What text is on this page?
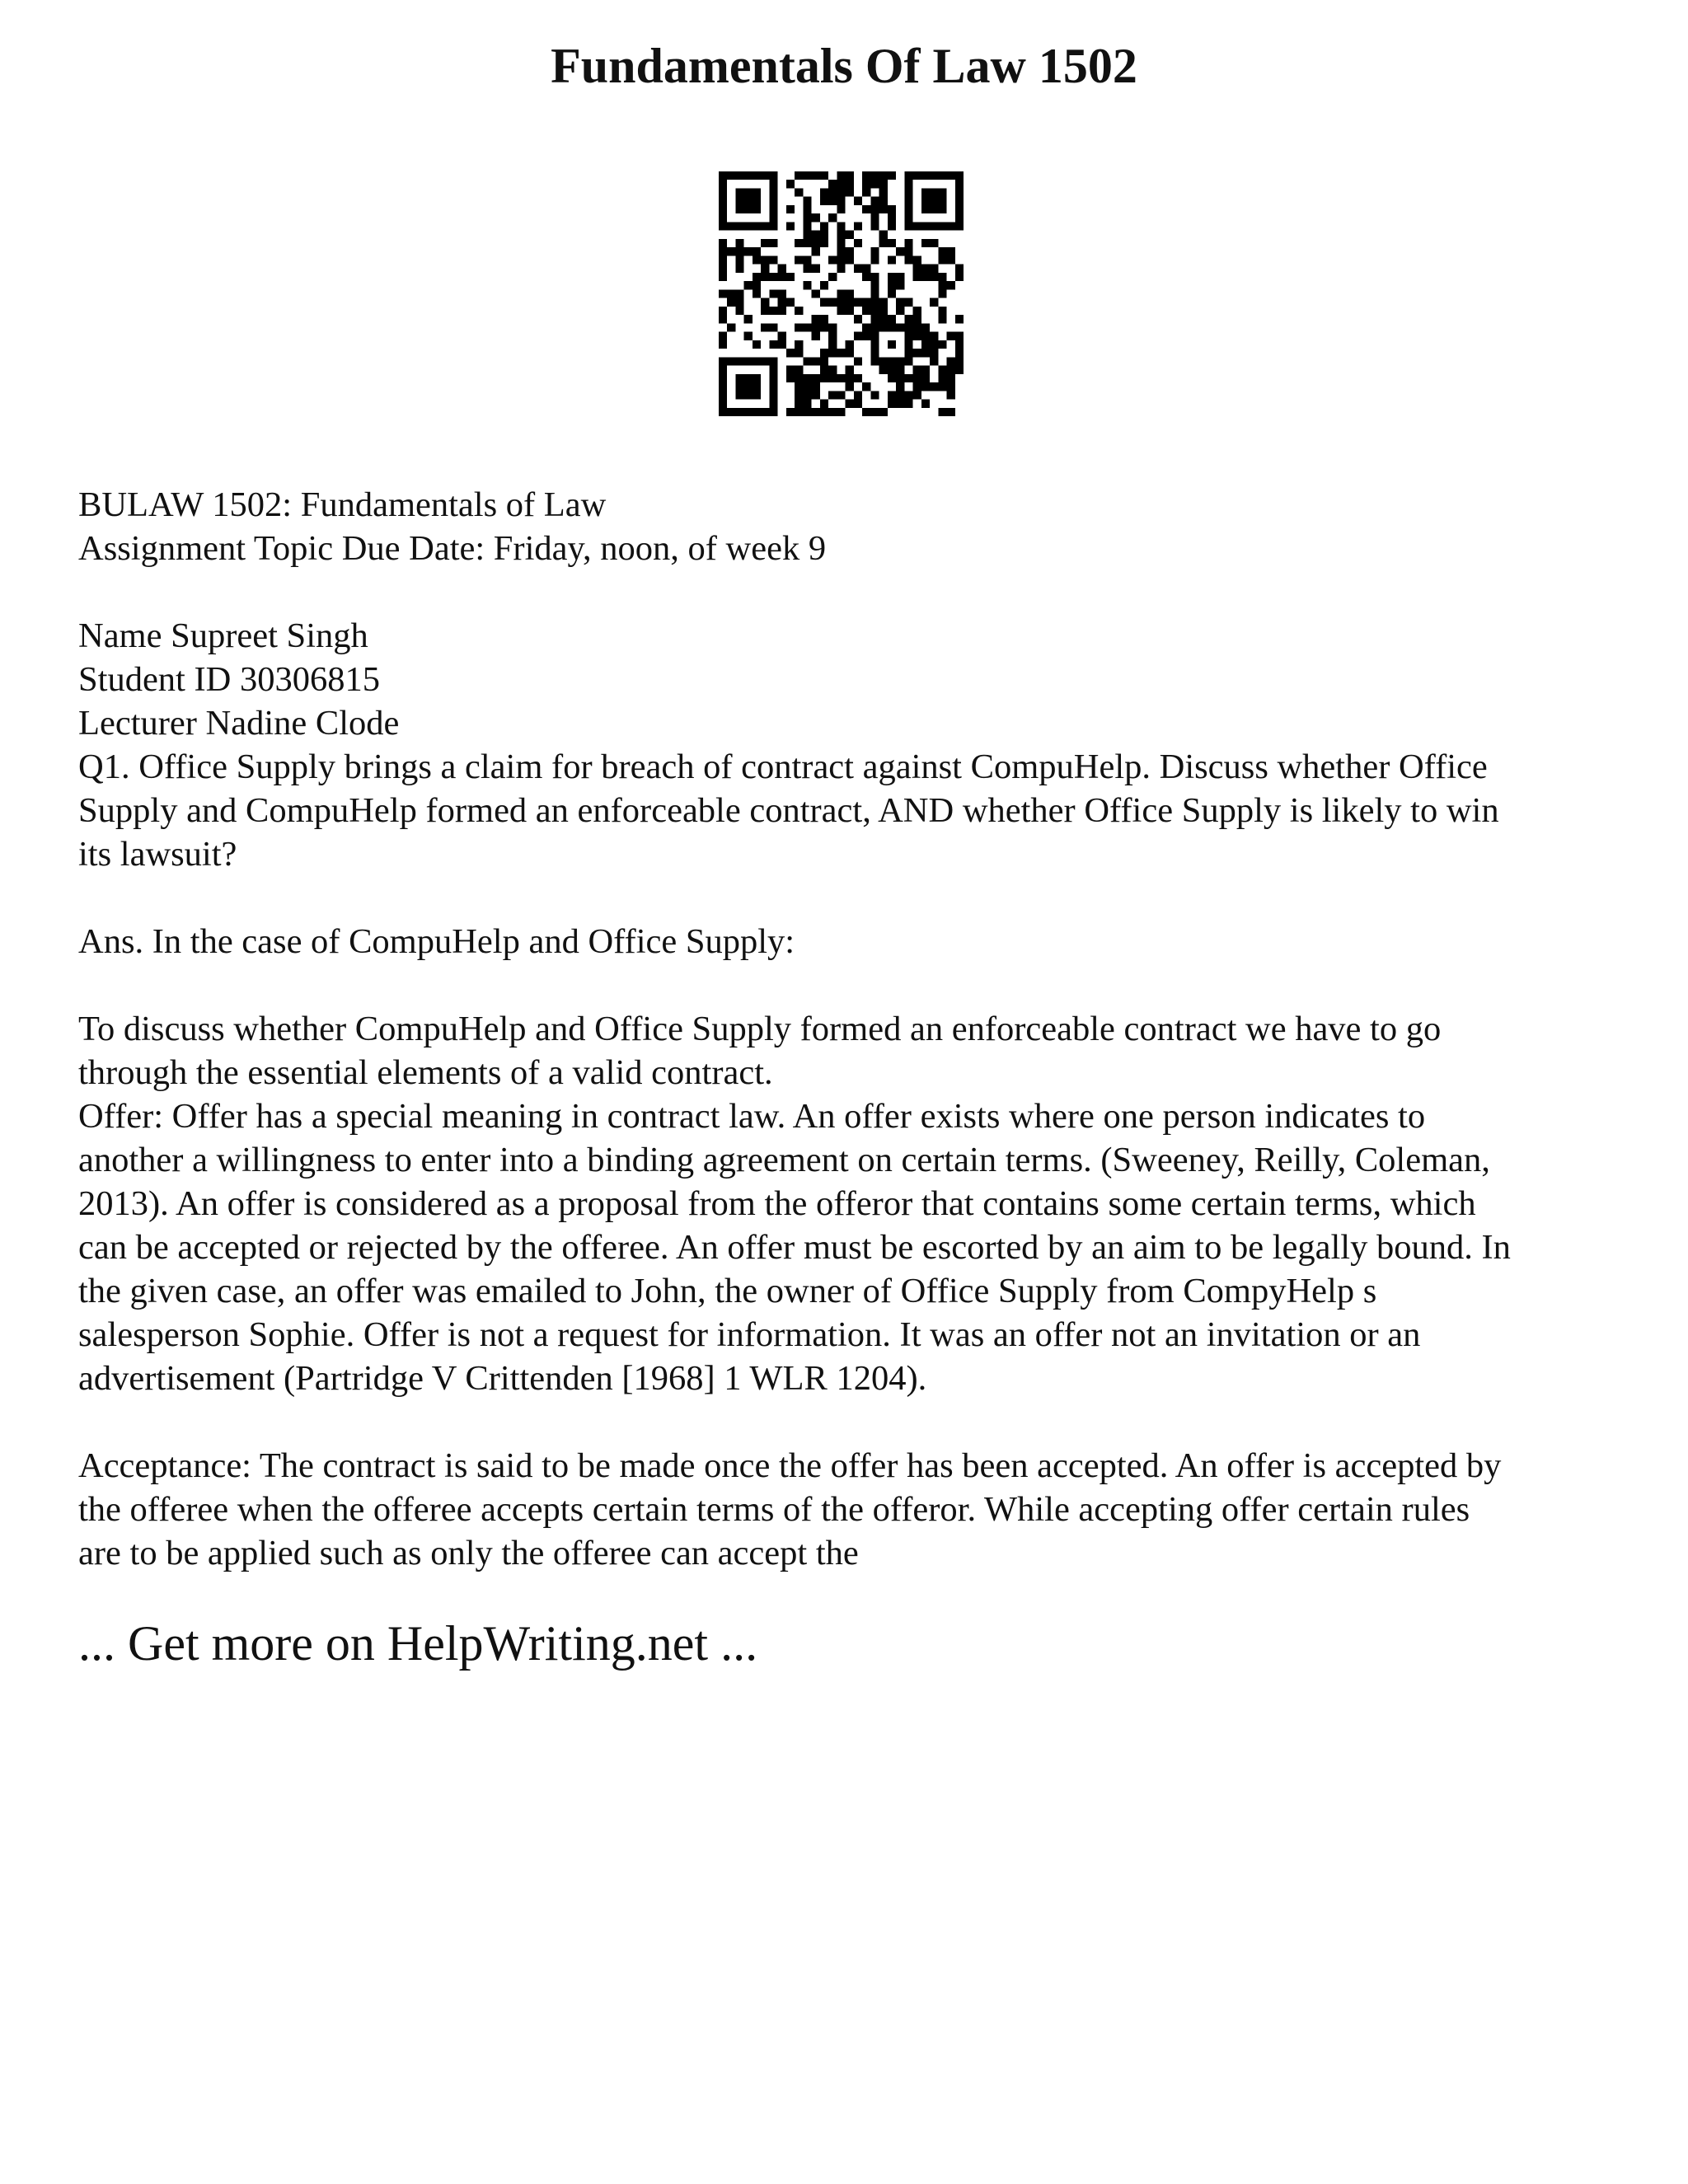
Fundamentals Of Law 1502
BULAW 1502: Fundamentals of Law
Assignment Topic Due Date: Friday, noon, of week 9
Name Supreet Singh
Student ID 30306815
Lecturer Nadine Clode
Q1. Office Supply brings a claim for breach of contract against CompuHelp. Discuss whether Office
Supply and CompuHelp formed an enforceable contract, AND whether Office Supply is likely to win
its lawsuit?
Ans. In the case of CompuHelp and Office Supply:
To discuss whether CompuHelp and Office Supply formed an enforceable contract we have to go
through the essential elements of a valid contract.
Offer: Offer has a special meaning in contract law. An offer exists where one person indicates to
another a willingness to enter into a binding agreement on certain terms. (Sweeney, Reilly, Coleman,
2013). An offer is considered as a proposal from the offeror that contains some certain terms, which
can be accepted or rejected by the offeree. An offer must be escorted by an aim to be legally bound. In
the given case, an offer was emailed to John, the owner of Office Supply from CompyHelp s
salesperson Sophie. Offer is not a request for information. It was an offer not an invitation or an
advertisement (Partridge V Crittenden [1968] 1 WLR 1204).
Acceptance: The contract is said to be made once the offer has been accepted. An offer is accepted by
the offeree when the offeree accepts certain terms of the offeror. While accepting offer certain rules
are to be applied such as only the offeree can accept the
... Get more on HelpWriting.net ...
